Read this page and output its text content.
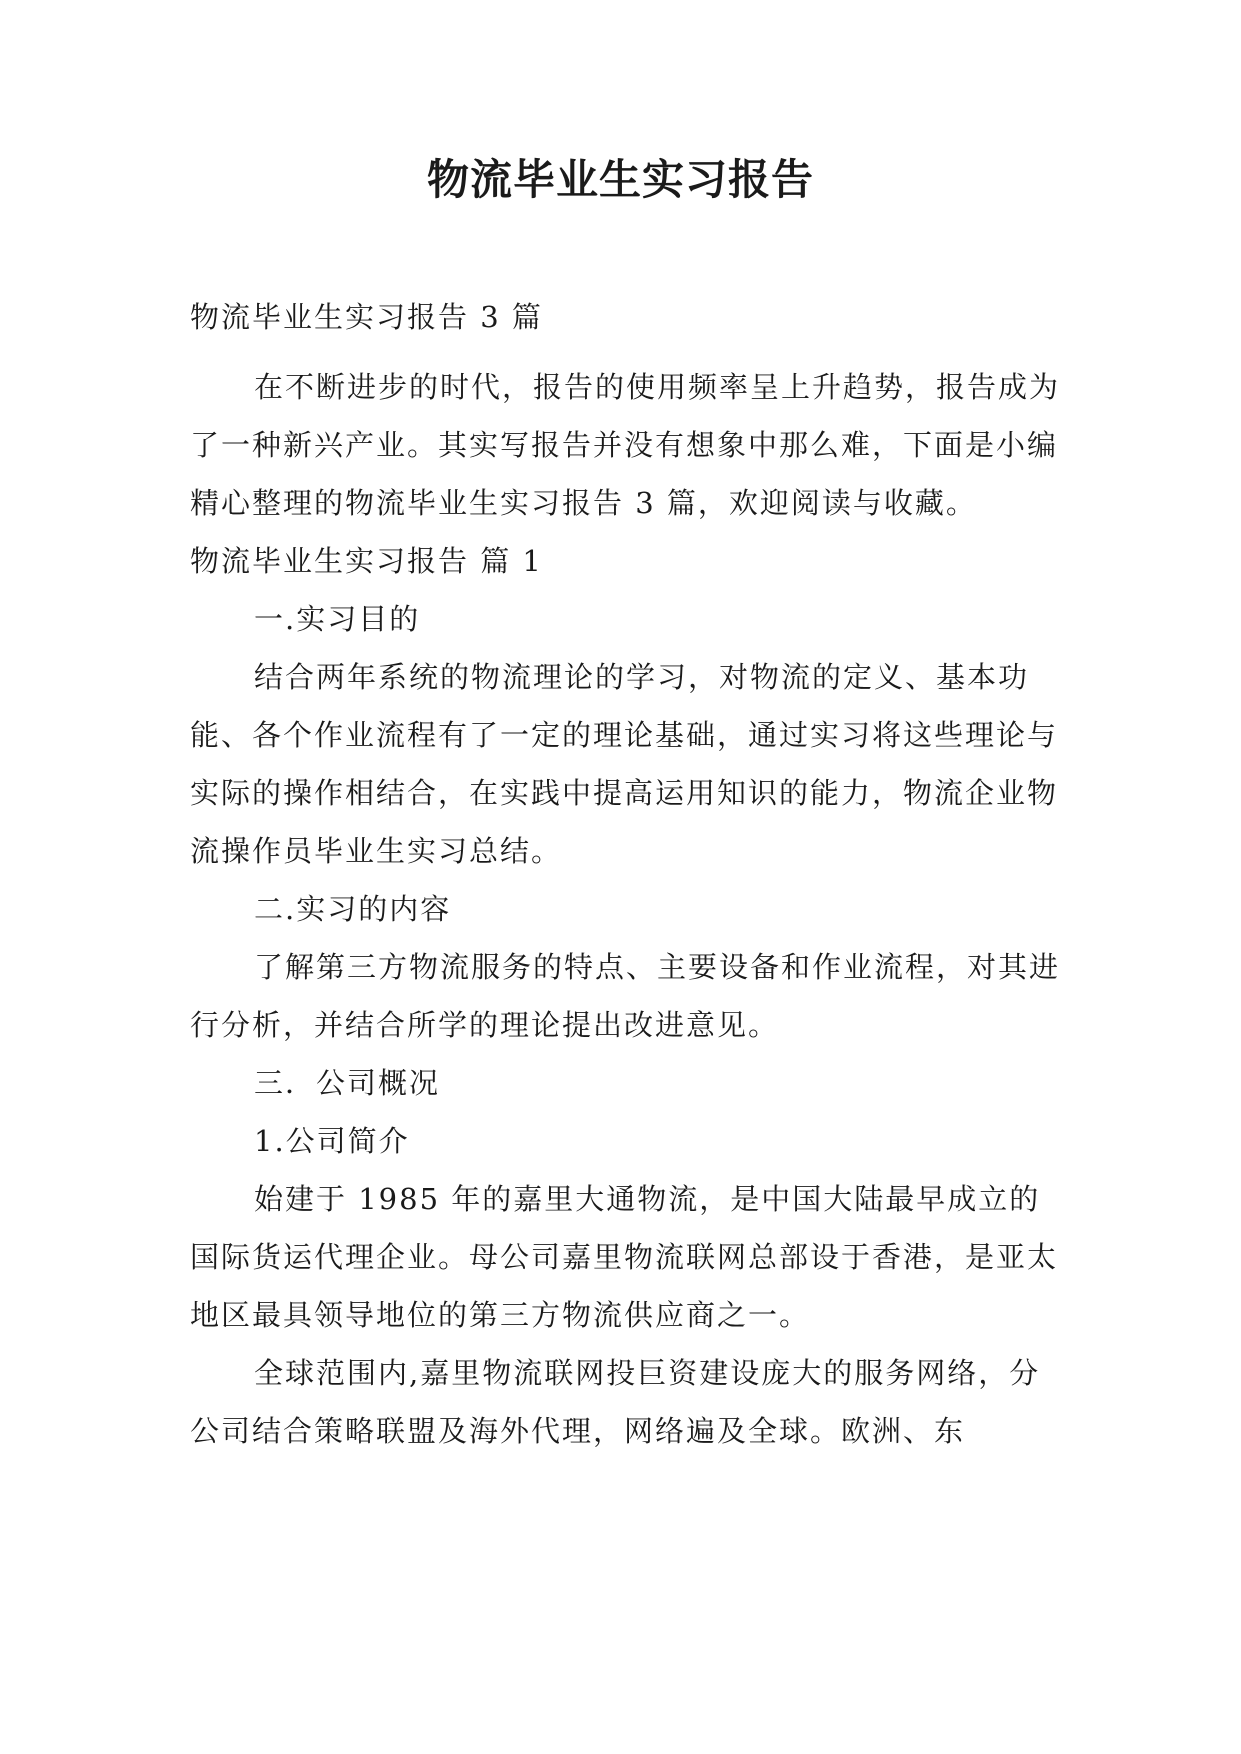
物流毕业生实习报告

物流毕业生实习报告 3 篇

在不断进步的时代，报告的使用频率呈上升趋势，报告成为了一种新兴产业。其实写报告并没有想象中那么难，下面是小编精心整理的物流毕业生实习报告 3 篇，欢迎阅读与收藏。

物流毕业生实习报告 篇 1

一.实习目的

结合两年系统的物流理论的学习，对物流的定义、基本功能、各个作业流程有了一定的理论基础，通过实习将这些理论与实际的操作相结合，在实践中提高运用知识的能力，物流企业物流操作员毕业生实习总结。

二.实习的内容

了解第三方物流服务的特点、主要设备和作业流程，对其进行分析，并结合所学的理论提出改进意见。

三．公司概况

1.公司简介

始建于 1985 年的嘉里大通物流，是中国大陆最早成立的国际货运代理企业。母公司嘉里物流联网总部设于香港，是亚太地区最具领导地位的第三方物流供应商之一。

全球范围内,嘉里物流联网投巨资建设庞大的服务网络，分公司结合策略联盟及海外代理，网络遍及全球。欧洲、东
